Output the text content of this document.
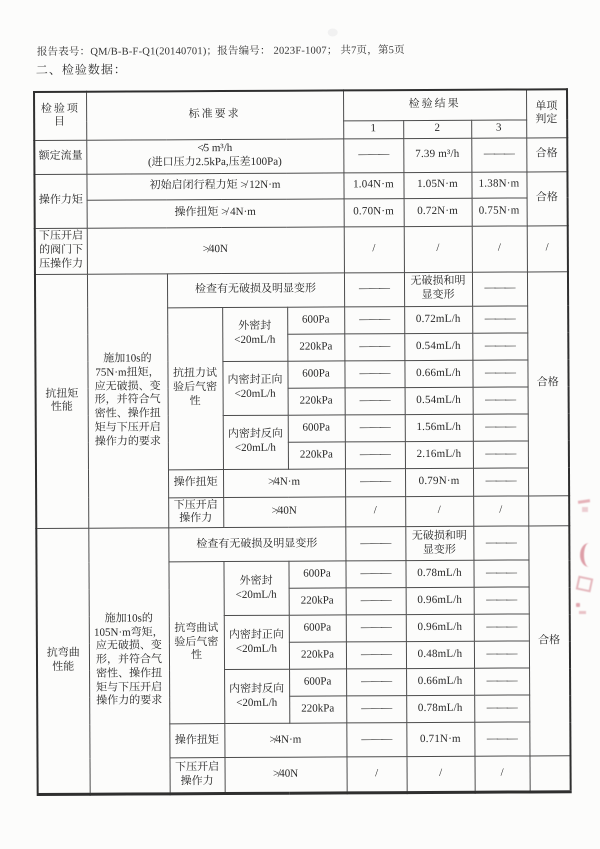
报告表号：QM/B-B-F-Q1(20140701)；报告编号： 2023F-1007； 共7页，第5页
二、检验数据：
检验项目	标准要求				检验结果			单项
判定
					1	2	3	
额定流量	≮5 m³/h
(进口压力2.5kPa,压差100Pa)				———	7.39 m³/h	———	合格
操作力矩	初始启闭行程力矩 ≯ 12N·m				1.04N·m	1.05N·m	1.38N·m	合格
	操作扭矩 ≯ 4N·m				0.70N·m	0.72N·m	0.75N·m	
下压开启
的阀门下
压操作力	≯40N				/	/	/	/
抗扭矩
性能	施加10s的 75N·m扭矩，应无破损、变形，并符合气密性、操作扭矩与下压开启操作力的要求	检查有无破损及明显变形			———	无破损和明
显变形	———	合格
		抗扭力试
验后气密
性	外密封
<20mL/h	600Pa	———	0.72mL/h	———	
				220kPa	———	0.54mL/h	———	
			内密封正向
<20mL/h	600Pa	———	0.66mL/h	———	
				220kPa	———	0.54mL/h	———	
			内密封反向
<20mL/h	600Pa	———	1.56mL/h	———	
				220kPa	———	2.16mL/h	———	
		操作扭矩	≯4N·m		———	0.79N·m	———	
		下压开启
操作力	≯40N		/	/	/	
抗弯曲
性能	施加10s的105N·m弯矩，应无破损、变形，并符合气密性、操作扭矩与下压开启操作力的要求	检查有无破损及明显变形			———	无破损和明
显变形	———	合格
		抗弯曲试
验后气密
性	外密封
<20mL/h	600Pa	———	0.78mL/h	———	
				220kPa	———	0.96mL/h	———	
			内密封正向
<20mL/h	600Pa	———	0.96mL/h	———	
				220kPa	———	0.48mL/h	———	
			内密封反向
<20mL/h	600Pa	———	0.66mL/h	———	
				220kPa	———	0.78mL/h	———	
		操作扭矩	≯4N·m		———	0.71N·m	———	
		下压开启
操作力	≯40N		/	/	/	
